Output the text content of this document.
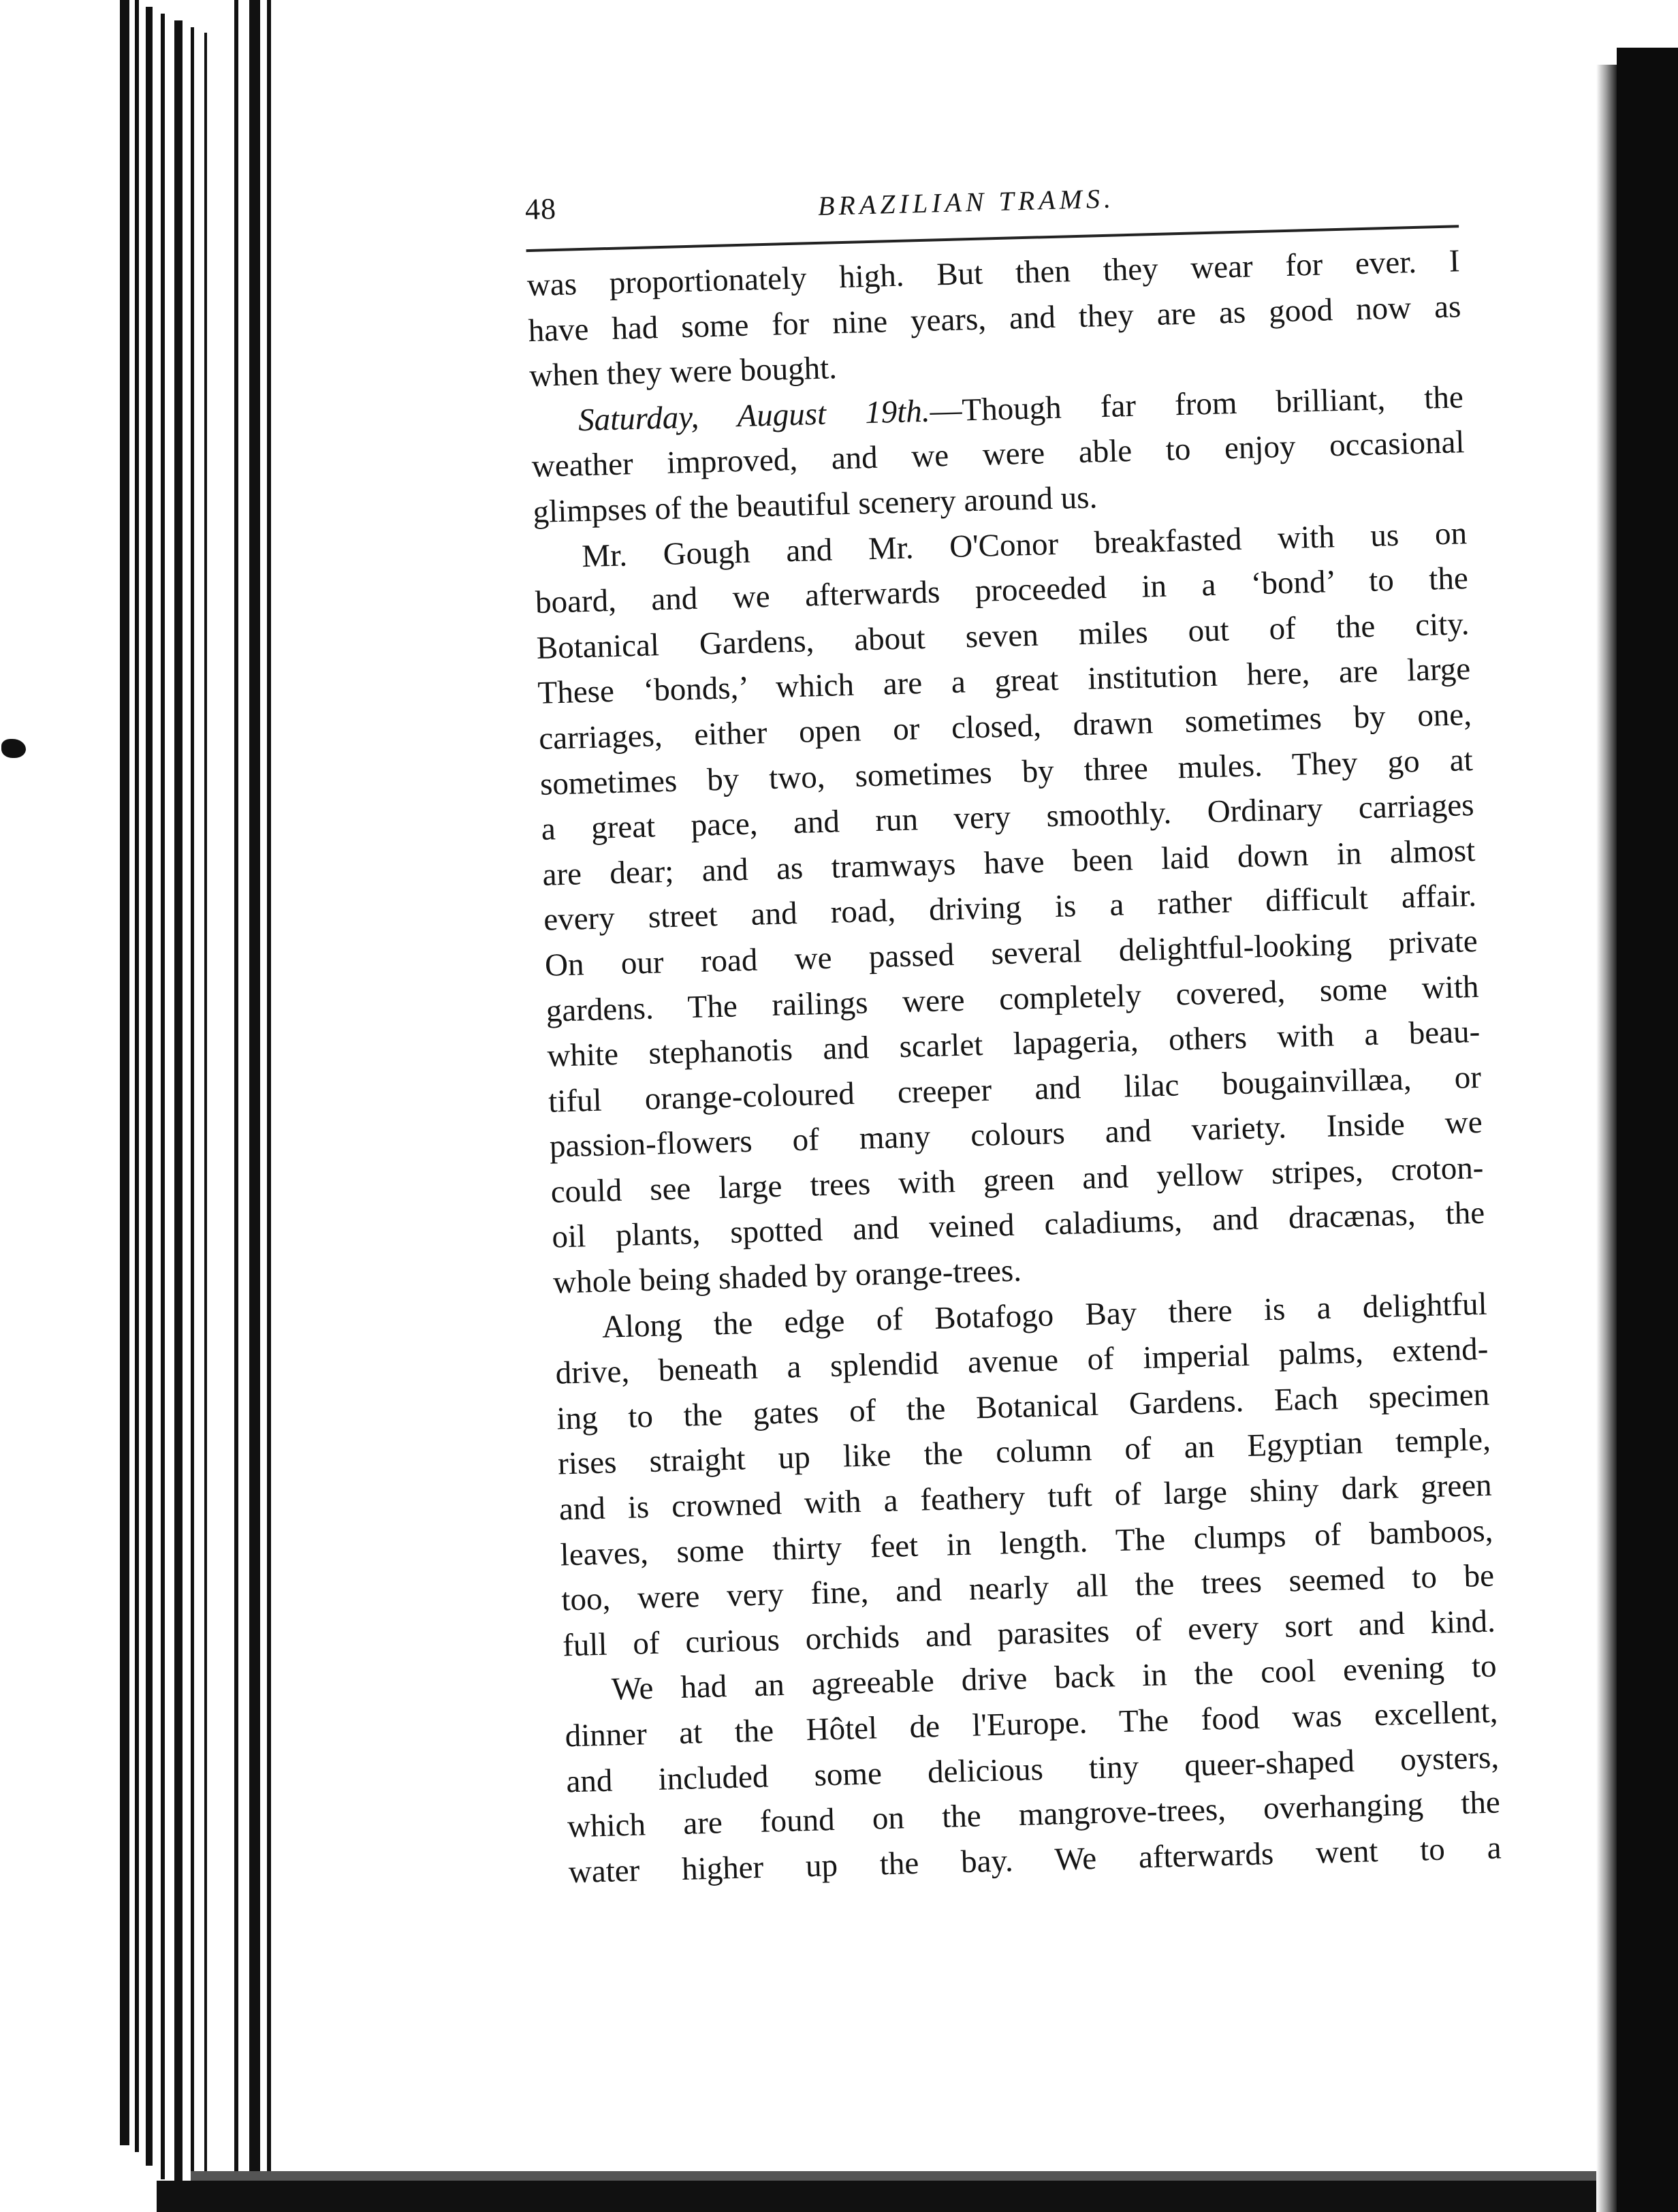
48	BRAZILIAN TRAMS.
was proportionately high. But then they wear for ever. I
have had some for nine years, and they are as good now as
when they were bought.
Saturday, August 19th.—Though far from brilliant, the
weather improved, and we were able to enjoy occasional
glimpses of the beautiful scenery around us.
Mr. Gough and Mr. O'Conor breakfasted with us on
board, and we afterwards proceeded in a ‘bond’ to the
Botanical Gardens, about seven miles out of the city.
These ‘bonds,’ which are a great institution here, are large
carriages, either open or closed, drawn sometimes by one,
sometimes by two, sometimes by three mules. They go at
a great pace, and run very smoothly. Ordinary carriages
are dear; and as tramways have been laid down in almost
every street and road, driving is a rather difficult affair.
On our road we passed several delightful-looking private
gardens. The railings were completely covered, some with
white stephanotis and scarlet lapageria, others with a beau-
tiful orange-coloured creeper and lilac bougainvillæa, or
passion-flowers of many colours and variety. Inside we
could see large trees with green and yellow stripes, croton-
oil plants, spotted and veined caladiums, and dracænas, the
whole being shaded by orange-trees.
Along the edge of Botafogo Bay there is a delightful
drive, beneath a splendid avenue of imperial palms, extend-
ing to the gates of the Botanical Gardens. Each specimen
rises straight up like the column of an Egyptian temple,
and is crowned with a feathery tuft of large shiny dark green
leaves, some thirty feet in length. The clumps of bamboos,
too, were very fine, and nearly all the trees seemed to be
full of curious orchids and parasites of every sort and kind.
We had an agreeable drive back in the cool evening to
dinner at the Hôtel de l'Europe. The food was excellent,
and included some delicious tiny queer-shaped oysters,
which are found on the mangrove-trees, overhanging the
water higher up the bay. We afterwards went to a
